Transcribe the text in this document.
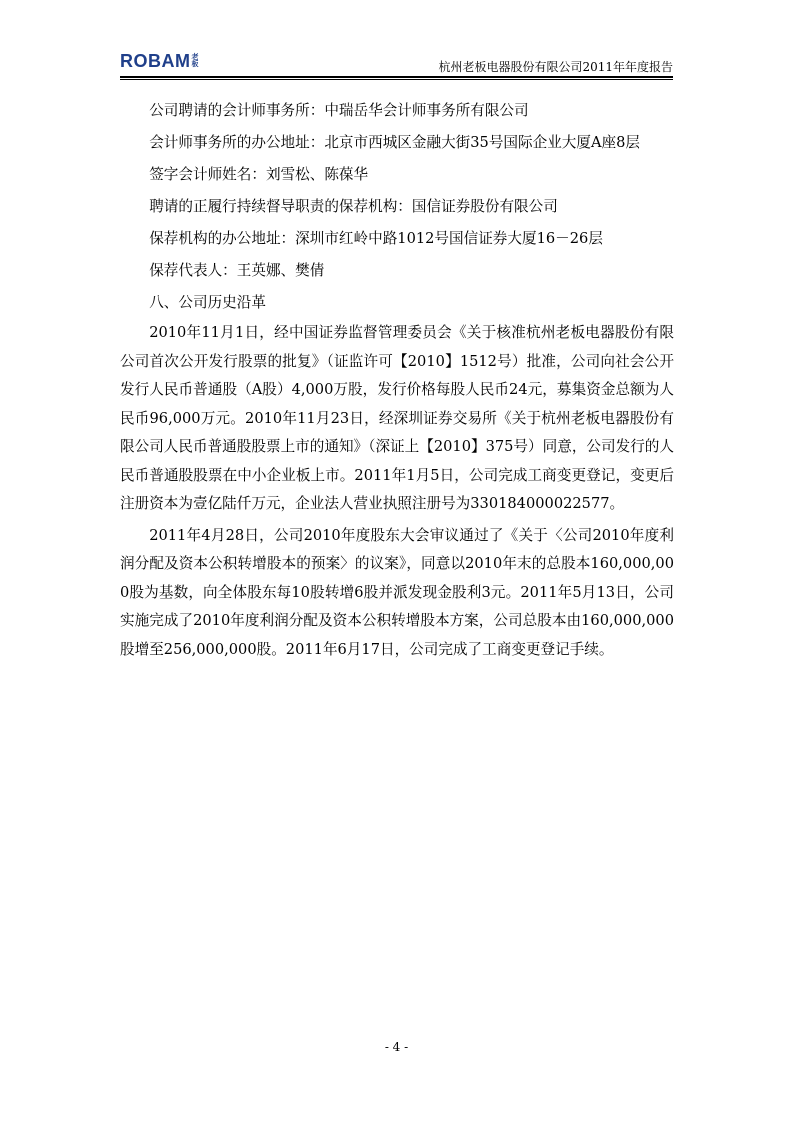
ROBAM 老板	杭州老板电器股份有限公司2011年年度报告

公司聘请的会计师事务所：中瑞岳华会计师事务所有限公司

会计师事务所的办公地址：北京市西城区金融大街35号国际企业大厦A座8层

签字会计师姓名：刘雪松、陈葆华

聘请的正履行持续督导职责的保荐机构：国信证券股份有限公司

保荐机构的办公地址：深圳市红岭中路1012号国信证券大厦16－26层

保荐代表人：王英娜、樊倩

八、公司历史沿革

2010年11月1日，经中国证券监督管理委员会《关于核准杭州老板电器股份有限公司首次公开发行股票的批复》（证监许可【2010】1512号）批准，公司向社会公开发行人民币普通股（A股）4,000万股，发行价格每股人民币24元，募集资金总额为人民币96,000万元。2010年11月23日，经深圳证券交易所《关于杭州老板电器股份有限公司人民币普通股股票上市的通知》（深证上【2010】375号）同意，公司发行的人民币普通股股票在中小企业板上市。2011年1月5日，公司完成工商变更登记，变更后注册资本为壹亿陆仟万元，企业法人营业执照注册号为330184000022577。

2011年4月28日，公司2010年度股东大会审议通过了《关于〈公司2010年度利润分配及资本公积转增股本的预案〉的议案》，同意以2010年末的总股本160,000,000股为基数，向全体股东每10股转增6股并派发现金股利3元。2011年5月13日，公司实施完成了2010年度利润分配及资本公积转增股本方案，公司总股本由160,000,000股增至256,000,000股。2011年6月17日，公司完成了工商变更登记手续。

- 4 -
